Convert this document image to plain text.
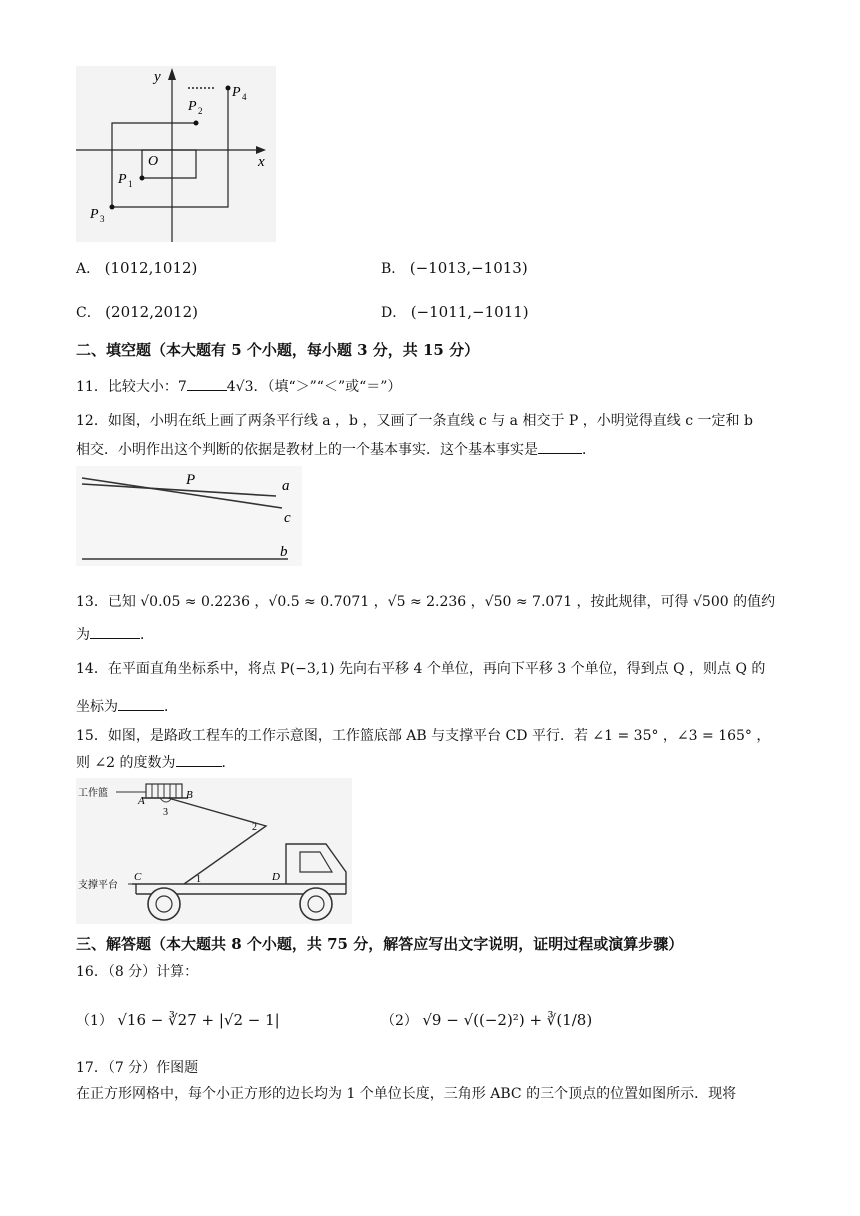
x
y
O
P 1
P 2
P 3
P 4
A． (1012,1012)	B． (−1013,−1013)
C． (2012,2012)	D． (−1011,−1011)
二、填空题（本大题有 5 个小题，每小题 3 分，共 15 分）
11．比较大小：7	4√3．（填“＞”“＜”或“＝”）
12．如图，小明在纸上画了两条平行线 a ，b ，又画了一条直线 c 与 a 相交于 P ，小明觉得直线 c 一定和 b
相交．小明作出这个判断的依据是教材上的一个基本事实．这个基本事实是	．
P	a
c
b
13．已知 √0.05 ≈ 0.2236 ，√0.5 ≈ 0.7071 ，√5 ≈ 2.236 ，√50 ≈ 7.071 ，按此规律，可得 √500 的值约
为	．
14．在平面直角坐标系中，将点 P(−3,1) 先向右平移 4 个单位，再向下平移 3 个单位，得到点 Q ，则点 Q 的
坐标为	．
15．如图，是路政工程车的工作示意图，工作篮底部 AB 与支撑平台 CD 平行．若 ∠1 = 35° ，∠3 = 165° ，
则 ∠2 的度数为	．
工作篮
支撑平台
A	B
C	D
1
2
3
三、解答题（本大题共 8 个小题，共 75 分，解答应写出文字说明，证明过程或演算步骤）
16．（8 分）计算：
（1） √16 − ∛27 + |√2 − 1|	（2） √9 − √((−2)²) + ∛(1/8)
17．（7 分）作图题
在正方形网格中，每个小正方形的边长均为 1 个单位长度，三角形 ABC 的三个顶点的位置如图所示．现将
